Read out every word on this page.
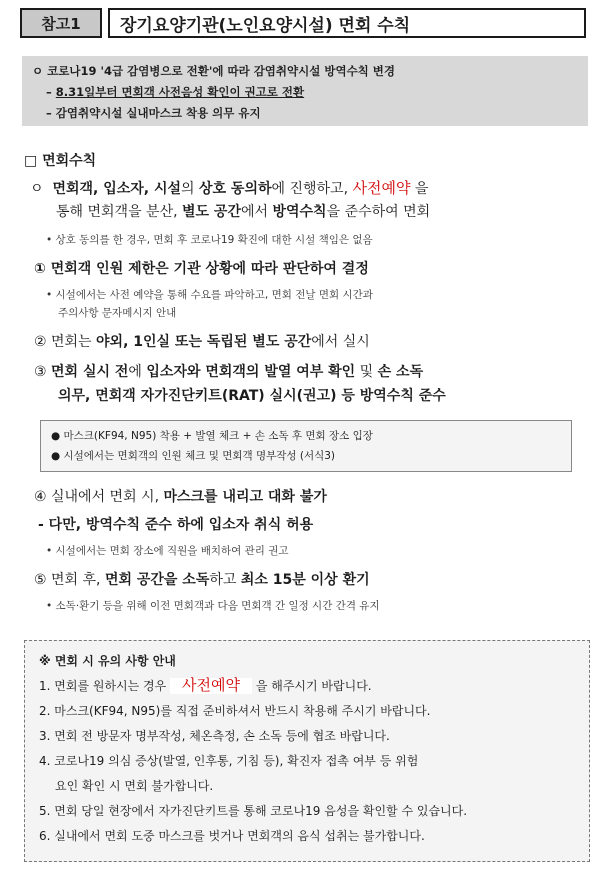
참고1 장기요양기관(노인요양시설) 면회 수칙
ㅇ 코로나19 '4급 감염병으로 전환'에 따라 감염취약시설 방역수칙 변경
– 8.31일부터 면회객 사전음성 확인이 권고로 전환
– 감염취약시설 실내마스크 착용 의무 유지
□ 면회수칙
ㅇ 면회객, 입소자, 시설의 상호 동의하에 진행하고, 사전예약 을
통해 면회객을 분산, 별도 공간에서 방역수칙을 준수하여 면회
• 상호 동의를 한 경우, 면회 후 코로나19 확진에 대한 시설 책임은 없음
① 면회객 인원 제한은 기관 상황에 따라 판단하여 결정
• 시설에서는 사전 예약을 통해 수요를 파악하고, 면회 전날 면회 시간과
주의사항 문자메시지 안내
② 면회는 야외, 1인실 또는 독립된 별도 공간에서 실시
③ 면회 실시 전에 입소자와 면회객의 발열 여부 확인 및 손 소독
의무, 면회객 자가진단키트(RAT) 실시(권고) 등 방역수칙 준수
● 마스크(KF94, N95) 착용 + 발열 체크 + 손 소독 후 면회 장소 입장
● 시설에서는 면회객의 인원 체크 및 면회객 명부작성 (서식3)
④ 실내에서 면회 시, 마스크를 내리고 대화 불가
- 다만, 방역수칙 준수 하에 입소자 취식 허용
• 시설에서는 면회 장소에 직원을 배치하여 관리 권고
⑤ 면회 후, 면회 공간을 소독하고 최소 15분 이상 환기
• 소독·환기 등을 위해 이전 면회객과 다음 면회객 간 일정 시간 간격 유지
※ 면회 시 유의 사항 안내
1. 면회를 원하시는 경우 사전예약 을 해주시기 바랍니다.
2. 마스크(KF94, N95)를 직접 준비하셔서 반드시 착용해 주시기 바랍니다.
3. 면회 전 방문자 명부작성, 체온측정, 손 소독 등에 협조 바랍니다.
4. 코로나19 의심 증상(발열, 인후통, 기침 등), 확진자 접촉 여부 등 위험
요인 확인 시 면회 불가합니다.
5. 면회 당일 현장에서 자가진단키트를 통해 코로나19 음성을 확인할 수 있습니다.
6. 실내에서 면회 도중 마스크를 벗거나 면회객의 음식 섭취는 불가합니다.
